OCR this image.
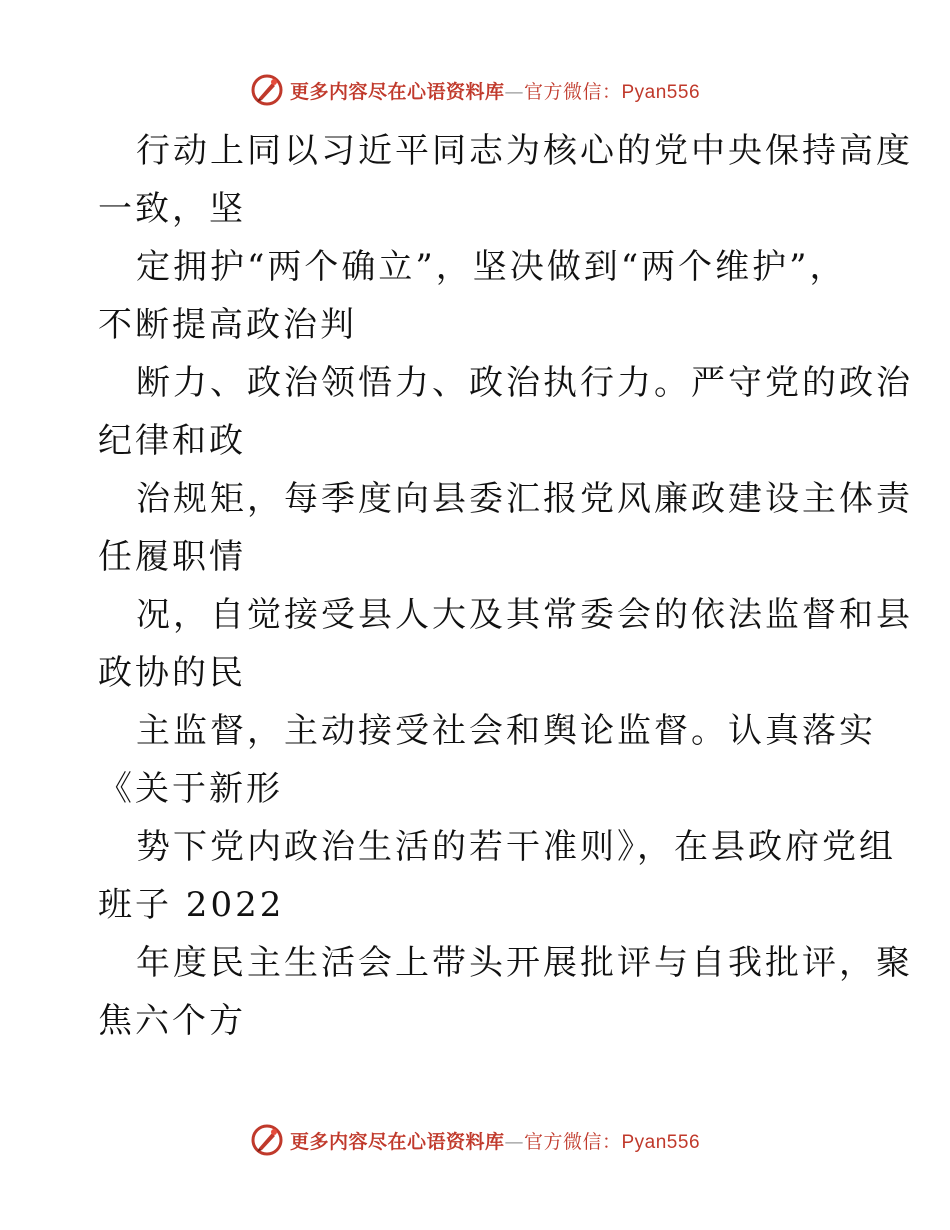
更多内容尽在心语资料库—官方微信：Pyan556
行动上同以习近平同志为核心的党中央保持高度
一致，坚
定拥护“两个确立”，坚决做到“两个维护”，
不断提高政治判
断力、政治领悟力、政治执行力。严守党的政治
纪律和政
治规矩，每季度向县委汇报党风廉政建设主体责
任履职情
况，自觉接受县人大及其常委会的依法监督和县
政协的民
主监督，主动接受社会和舆论监督。认真落实
《关于新形
势下党内政治生活的若干准则》，在县政府党组
班子 2022
年度民主生活会上带头开展批评与自我批评，聚
焦六个方
更多内容尽在心语资料库—官方微信：Pyan556
